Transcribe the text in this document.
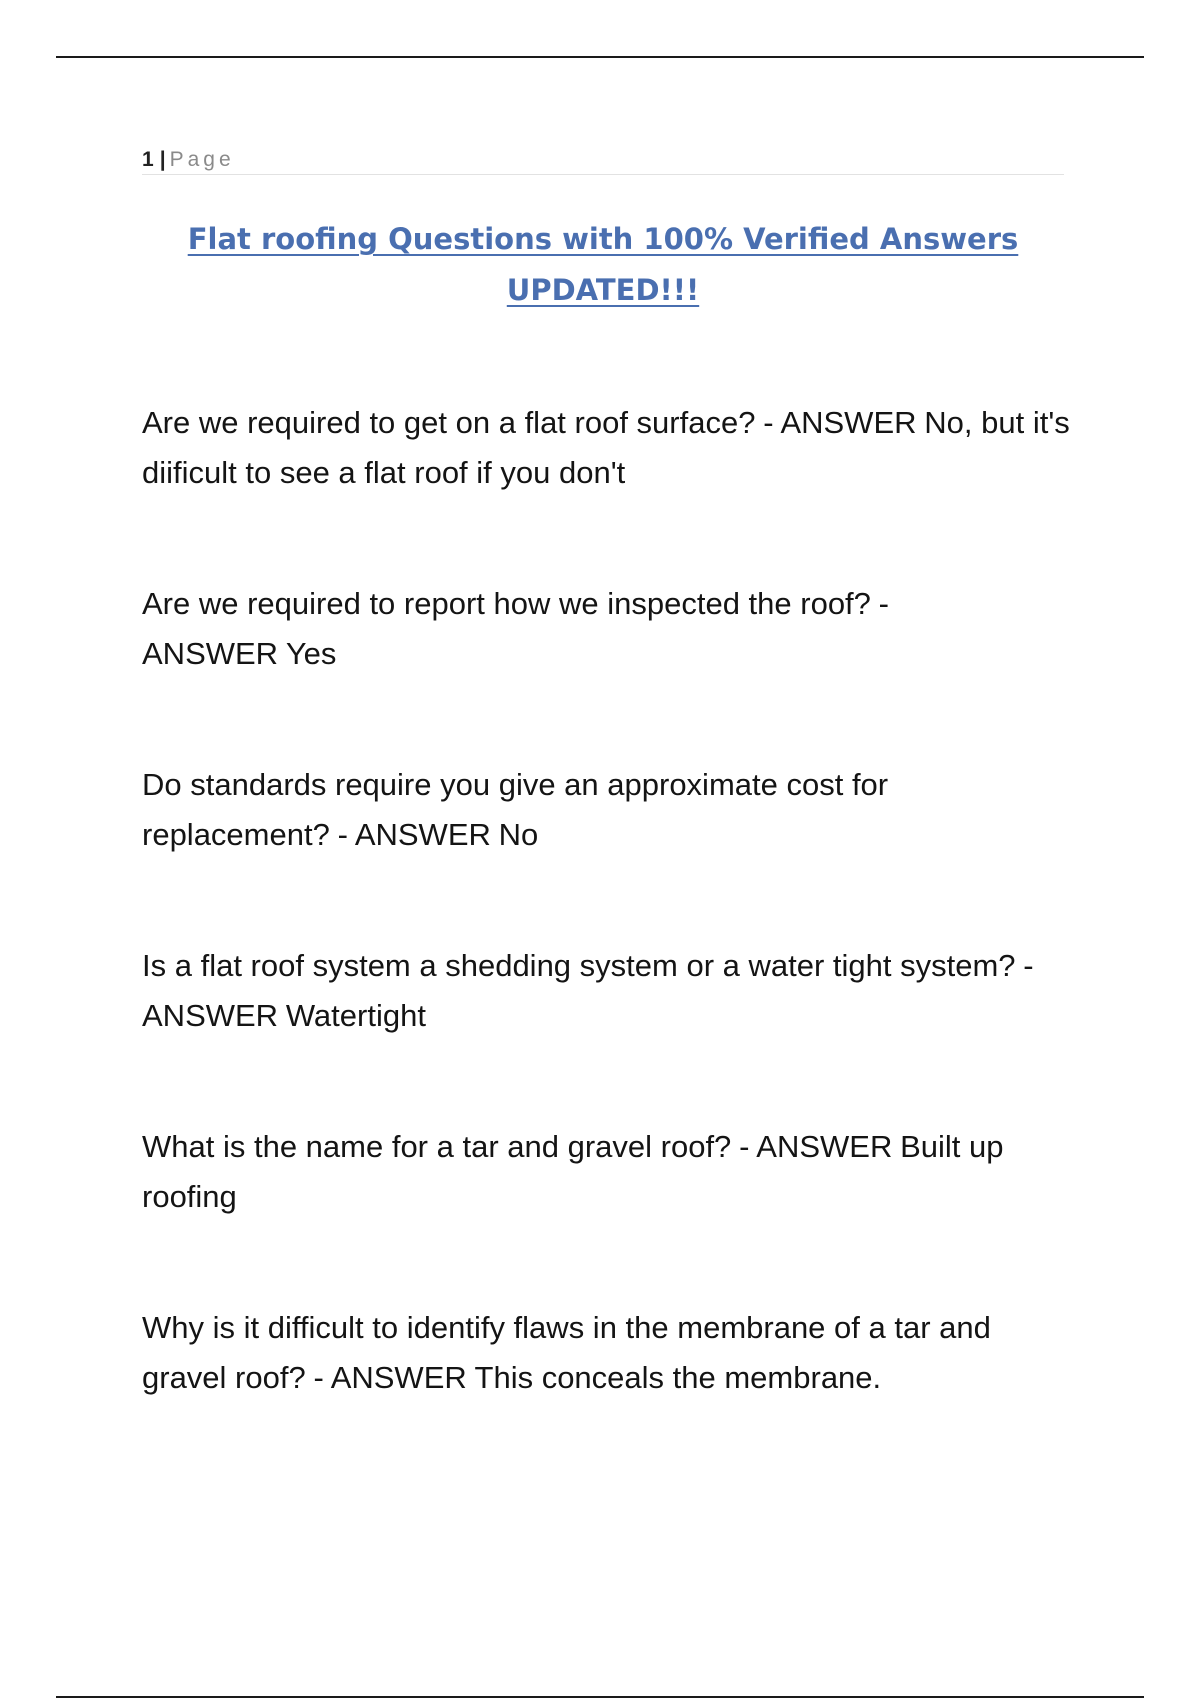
1 | Page
Flat roofing Questions with 100% Verified Answers UPDATED!!!
Are we required to get on a flat roof surface? - ANSWER No, but it's diificult to see a flat roof if you don't
Are we required to report how we inspected the roof? - ANSWER Yes
Do standards require you give an approximate cost for replacement? - ANSWER No
Is a flat roof system a shedding system or a water tight system? - ANSWER Watertight
What is the name for a tar and gravel roof? - ANSWER Built up roofing
Why is it difficult to identify flaws in the membrane of a tar and gravel roof? - ANSWER This conceals the membrane.
